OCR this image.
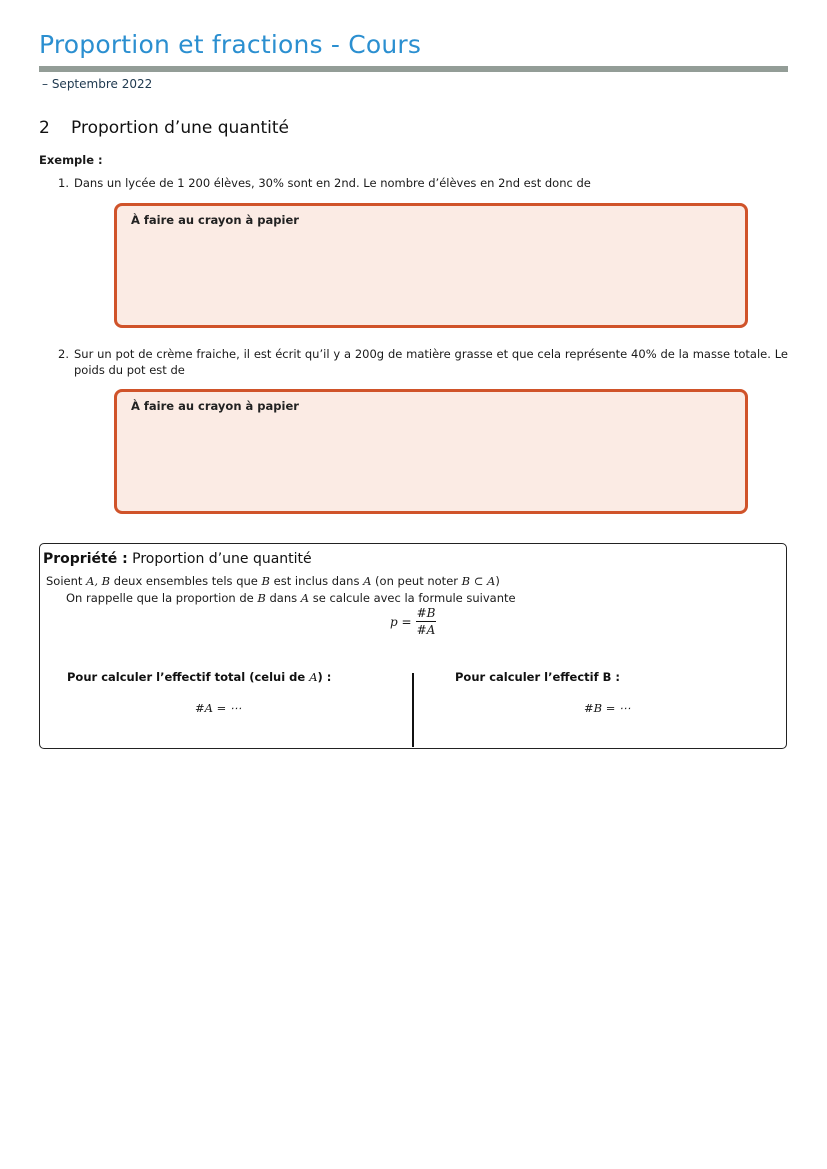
Proportion et fractions - Cours
– Septembre 2022
2 Proportion d’une quantité
Exemple :
1. Dans un lycée de 1 200 élèves, 30% sont en 2nd. Le nombre d’élèves en 2nd est donc de
À faire au crayon à papier
2. Sur un pot de crème fraiche, il est écrit qu’il y a 200g de matière grasse et que cela représente 40% de la masse totale. Le poids du pot est de
À faire au crayon à papier
Propriété : Proportion d’une quantité
Soient A, B deux ensembles tels que B est inclus dans A (on peut noter B ⊂ A)
On rappelle que la proportion de B dans A se calcule avec la formule suivante
$p = \frac{\#B}{\#A}$
Pour calculer l’effectif total (celui de A) :
#A = ⋯
Pour calculer l’effectif B :
#B = ⋯
